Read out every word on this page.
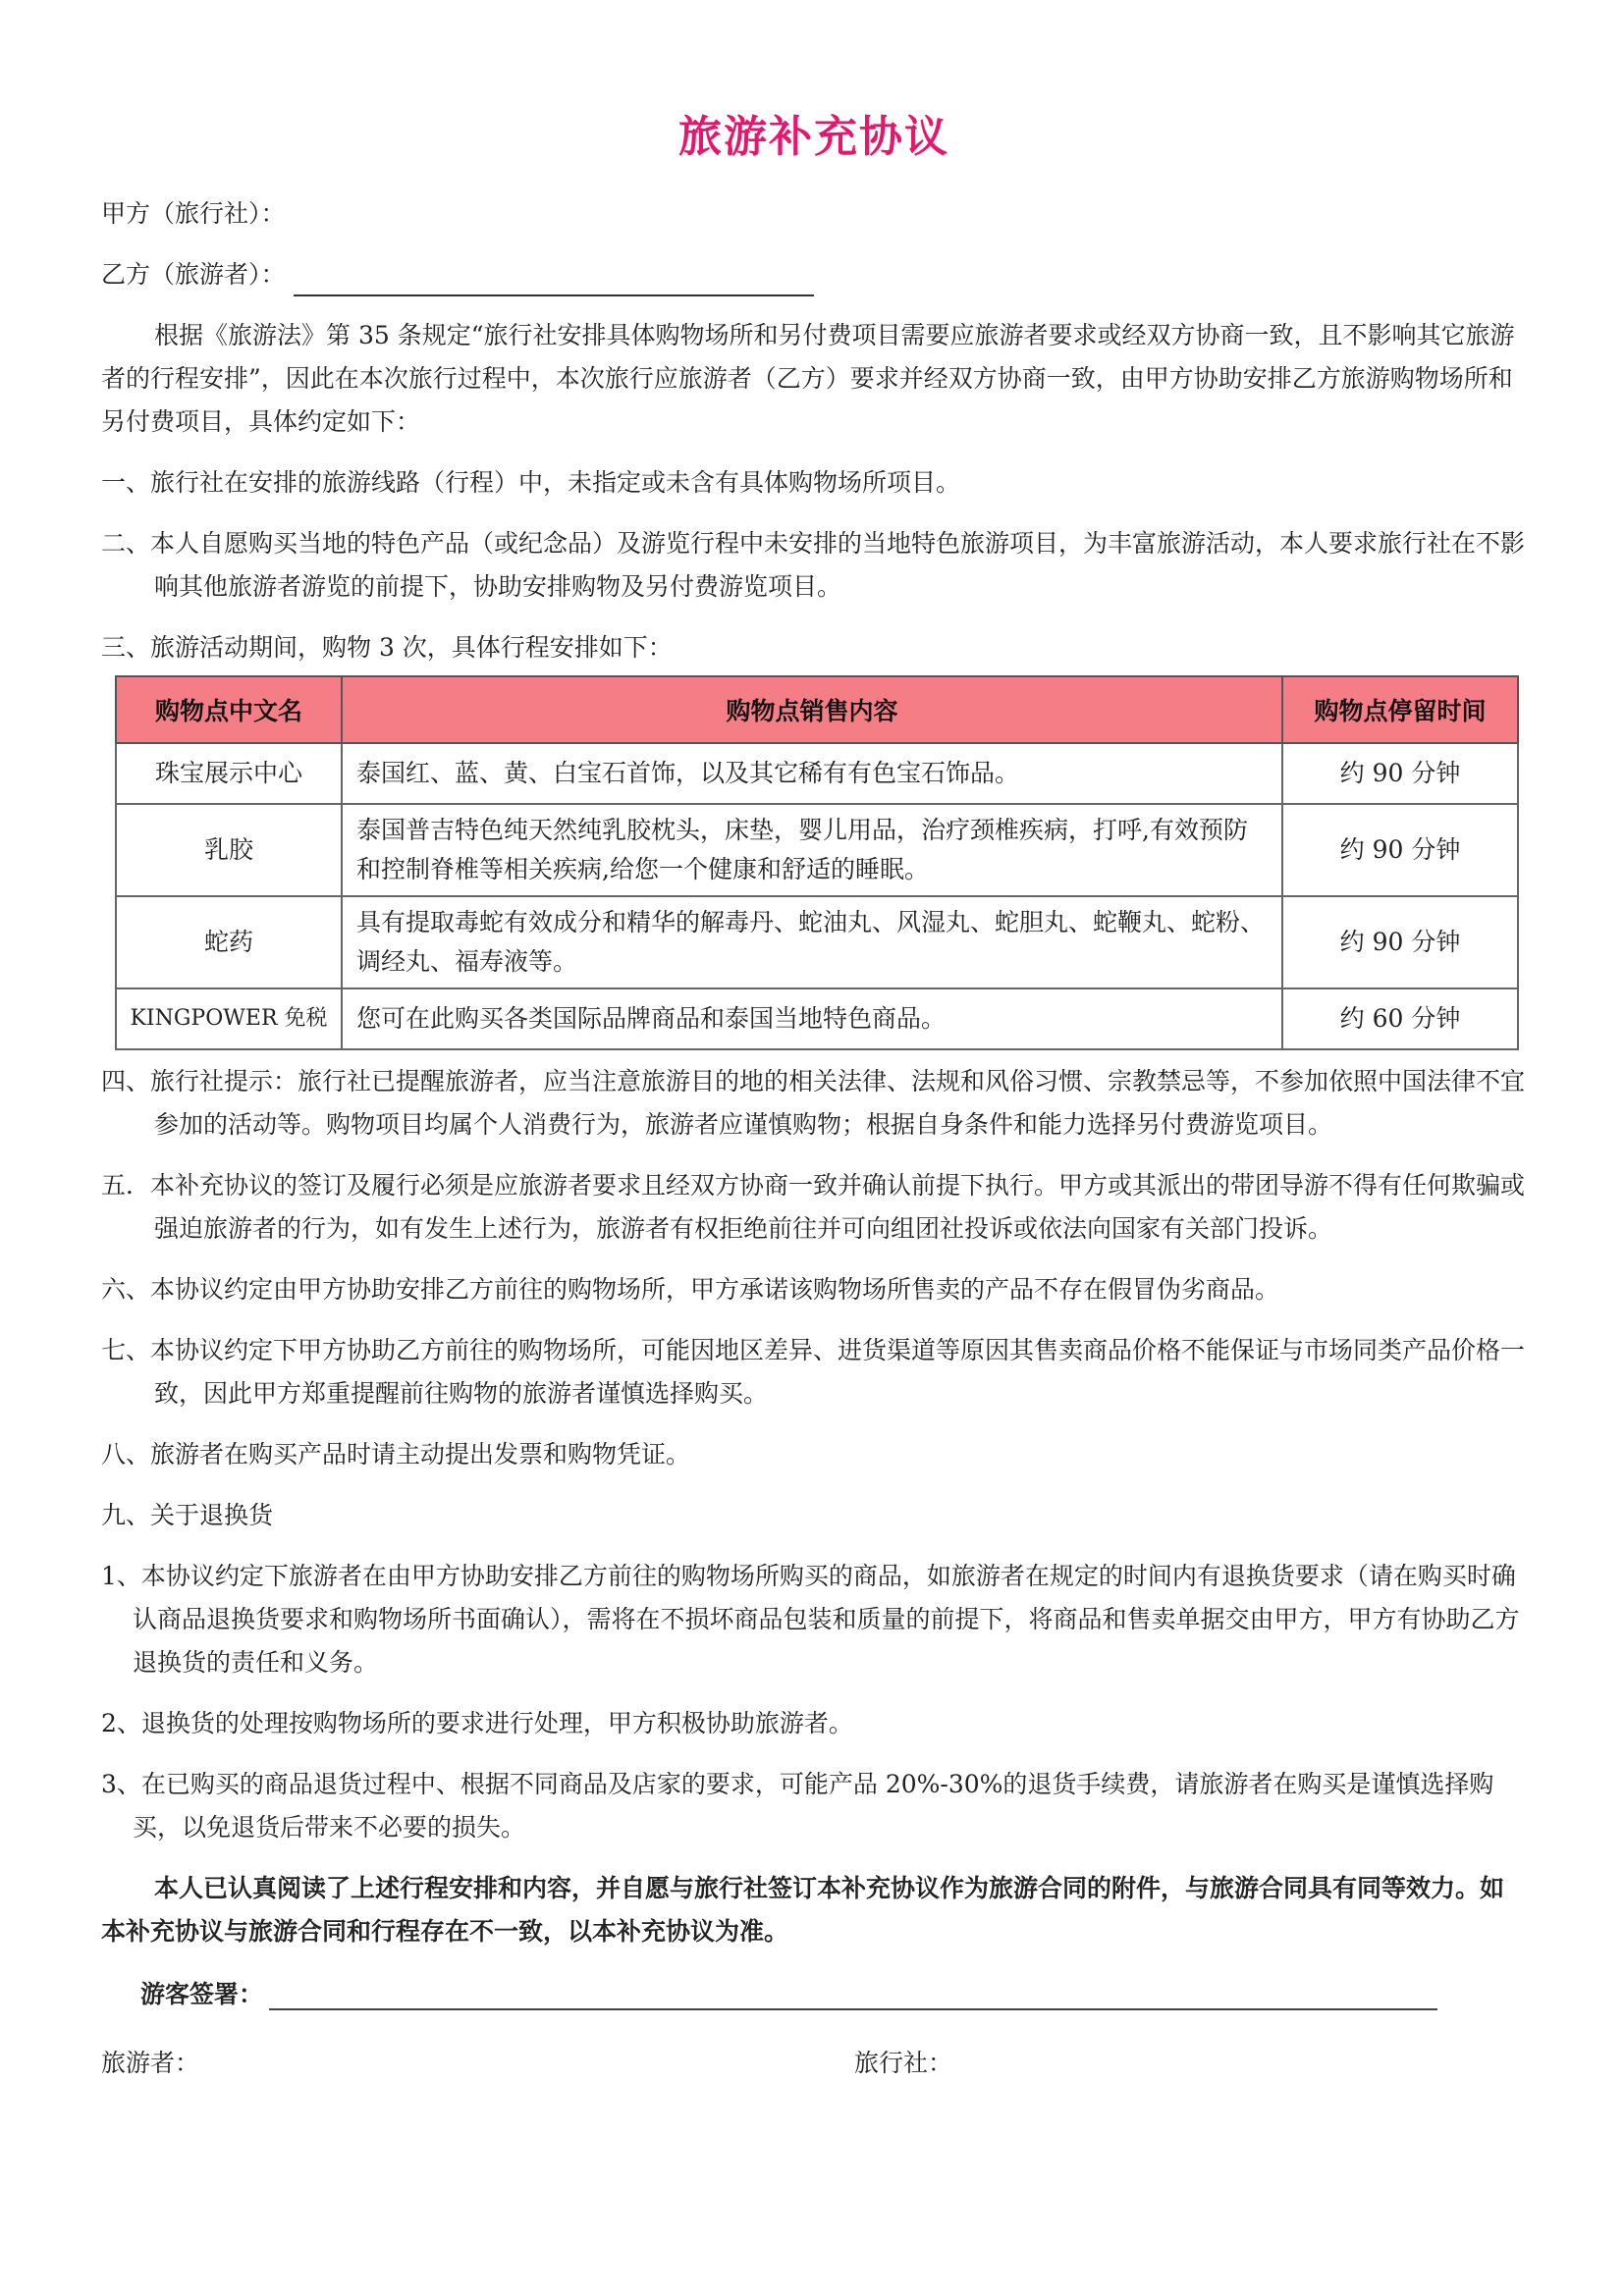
旅游补充协议

甲方（旅行社）：

乙方（旅游者）：

根据《旅游法》第 35 条规定“旅行社安排具体购物场所和另付费项目需要应旅游者要求或经双方协商一致，且不影响其它旅游者的行程安排”，因此在本次旅行过程中，本次旅行应旅游者（乙方）要求并经双方协商一致，由甲方协助安排乙方旅游购物场所和另付费项目，具体约定如下：

一、旅行社在安排的旅游线路（行程）中，未指定或未含有具体购物场所项目。

二、本人自愿购买当地的特色产品（或纪念品）及游览行程中未安排的当地特色旅游项目，为丰富旅游活动，本人要求旅行社在不影响其他旅游者游览的前提下，协助安排购物及另付费游览项目。

三、旅游活动期间，购物 3 次，具体行程安排如下：

购物点中文名	购物点销售内容	购物点停留时间
珠宝展示中心	泰国红、蓝、黄、白宝石首饰，以及其它稀有有色宝石饰品。	约 90 分钟
乳胶	泰国普吉特色纯天然纯乳胶枕头，床垫，婴儿用品，治疗颈椎疾病，打呼,有效预防和控制脊椎等相关疾病,给您一个健康和舒适的睡眠。	约 90 分钟
蛇药	具有提取毒蛇有效成分和精华的解毒丹、蛇油丸、风湿丸、蛇胆丸、蛇鞭丸、蛇粉、调经丸、福寿液等。	约 90 分钟
KINGPOWER 免税	您可在此购买各类国际品牌商品和泰国当地特色商品。	约 60 分钟

四、旅行社提示：旅行社已提醒旅游者，应当注意旅游目的地的相关法律、法规和风俗习惯、宗教禁忌等，不参加依照中国法律不宜参加的活动等。购物项目均属个人消费行为，旅游者应谨慎购物；根据自身条件和能力选择另付费游览项目。

五．本补充协议的签订及履行必须是应旅游者要求且经双方协商一致并确认前提下执行。甲方或其派出的带团导游不得有任何欺骗或强迫旅游者的行为，如有发生上述行为，旅游者有权拒绝前往并可向组团社投诉或依法向国家有关部门投诉。

六、本协议约定由甲方协助安排乙方前往的购物场所，甲方承诺该购物场所售卖的产品不存在假冒伪劣商品。

七、本协议约定下甲方协助乙方前往的购物场所，可能因地区差异、进货渠道等原因其售卖商品价格不能保证与市场同类产品价格一致，因此甲方郑重提醒前往购物的旅游者谨慎选择购买。

八、旅游者在购买产品时请主动提出发票和购物凭证。

九、关于退换货

1、本协议约定下旅游者在由甲方协助安排乙方前往的购物场所购买的商品，如旅游者在规定的时间内有退换货要求（请在购买时确认商品退换货要求和购物场所书面确认），需将在不损坏商品包装和质量的前提下，将商品和售卖单据交由甲方，甲方有协助乙方退换货的责任和义务。

2、退换货的处理按购物场所的要求进行处理，甲方积极协助旅游者。

3、在已购买的商品退货过程中、根据不同商品及店家的要求，可能产品 20%-30%的退货手续费，请旅游者在购买是谨慎选择购买，以免退货后带来不必要的损失。

本人已认真阅读了上述行程安排和内容，并自愿与旅行社签订本补充协议作为旅游合同的附件，与旅游合同具有同等效力。如本补充协议与旅游合同和行程存在不一致，以本补充协议为准。
游客签署：
旅游者：	旅行社：
